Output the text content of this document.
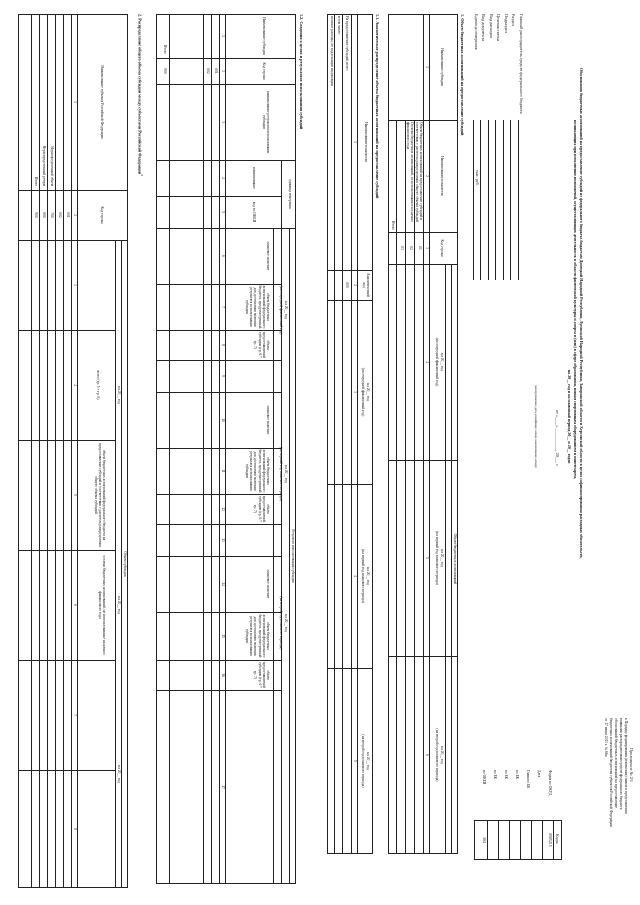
Приложение № 2/1
Обоснования бюджетных ассигнований на предоставление субсидий из федерального бюджета бюджетам Донецкой Народной Республики, Луганской Народной Республики, Запорожской области и Херсонской области в целях софинансирования расходных обязательств,
возникающих при исполнении полномочий, осуществляющих деятельность в области физической культуры и спорта и (или) в сфере образования, новым спортивным оборудованием и инвентарем,
на 20__ год и на плановый период 20__ и 20__ годов
от «____» ___________ 20___ г.
(номер решения, дата, модифицир. номер, наименование, номер)
Коды
тыс. руб.
1. Объем бюджетных ассигнований на предоставление субсидий
1.1. Аналитическое распределение объема бюджетных ассигнований на предоставление субсидий
1.2. Сведения о целях и результатах использования субсидий
2. Распределение общего объема субсидии между субъектами Российской Федерации$^3$
к Порядку формирования (изменения) заявок и представления
главными распорядителями средств федерального бюджета
обоснований бюджетных ассигнований на предоставление
бюджетных ассигнований бюджетам субъектов Российской Федерации
от 17 июня 2013 г. № 66н
Форма по ОКУД
0505215
Дата
Глава по БК
по БК
по БК
по БК
по ОКЕИ
384
Главный распорядитель средств федерального бюджета
Раздел
Подраздел
Целевая статья
Вид расходов
Вид документа
Единица измерения:
Наименование субсидии
Наименование показателя
Код строки
Объем бюджетных ассигнований
на 20__ год
(на очередной финансовый год)
на 20__ год
(на первый год планового периода)
на 20__ год
(на второй год планового периода)
1
2
3
4
5
6
Объем бюджетных ассигнований на предоставление субсидий в соответствии с расчетом распределения общего объема субсидий
01
Остатки бюджетных ассигнований, не использованные на начало финансового года
02
03
Итого
Наименование показателя
Аналитический код
на 20__ год
(на очередной финансовый год)
на 20__ год
(на первый год планового периода)
на 20__ год
(на второй год планового периода)
1
2
3
4
5
На предоставление субсидий, всего
000
в том числе:
на иные расходы, не подлежащие индексации
Наименование субсидии
Код строки
наименование результата использования субсидии
единица измерения
наименование
код по ОКЕИ
Результат использования субсидии
на 20__ год
(на очередной финансовый год)
на 20__ год
(на первый год планового периода)
на 20__ год
(на второй год планового периода)
плановое значение
объем бюджетных ассигнований федерального бюджета, предусмотренный для достижения значения результата использования субсидии
объем предоставляемой субсидии (гр. 6 * гр. 7)
плановое значение
объем бюджетных ассигнований федерального бюджета, предусмотренный для достижения значения результата использования субсидии
объем предоставляемой субсидии (гр. 6 * гр. 7)
плановое значение
объем бюджетных ассигнований федерального бюджета, предусмотренный для достижения значения результата использования субсидии
объем предоставляемой субсидии (гр. 6 * гр. 7)
1
2
3
4
5
6
7
8
9
10
11
12
13
14
15
16
17
001
002
900
Итого
Наименование субъекта Российской Федерации
Код строки
Объем субсидии
на 20__ год
на 20__ год
на 20__ год
всего (гр. 5 + гр. 6)
объем бюджетных ассигнований федерального бюджета на предоставление субсидий в соответствии с расчетом распределения общего объема субсидий
остатки бюджетных ассигнований, не использованные на начало финансового года
1
2
3
4
5
6
7
8
001
002
Нераспределенный объем
700
Нераспределенный резерв
800
Итого
900
